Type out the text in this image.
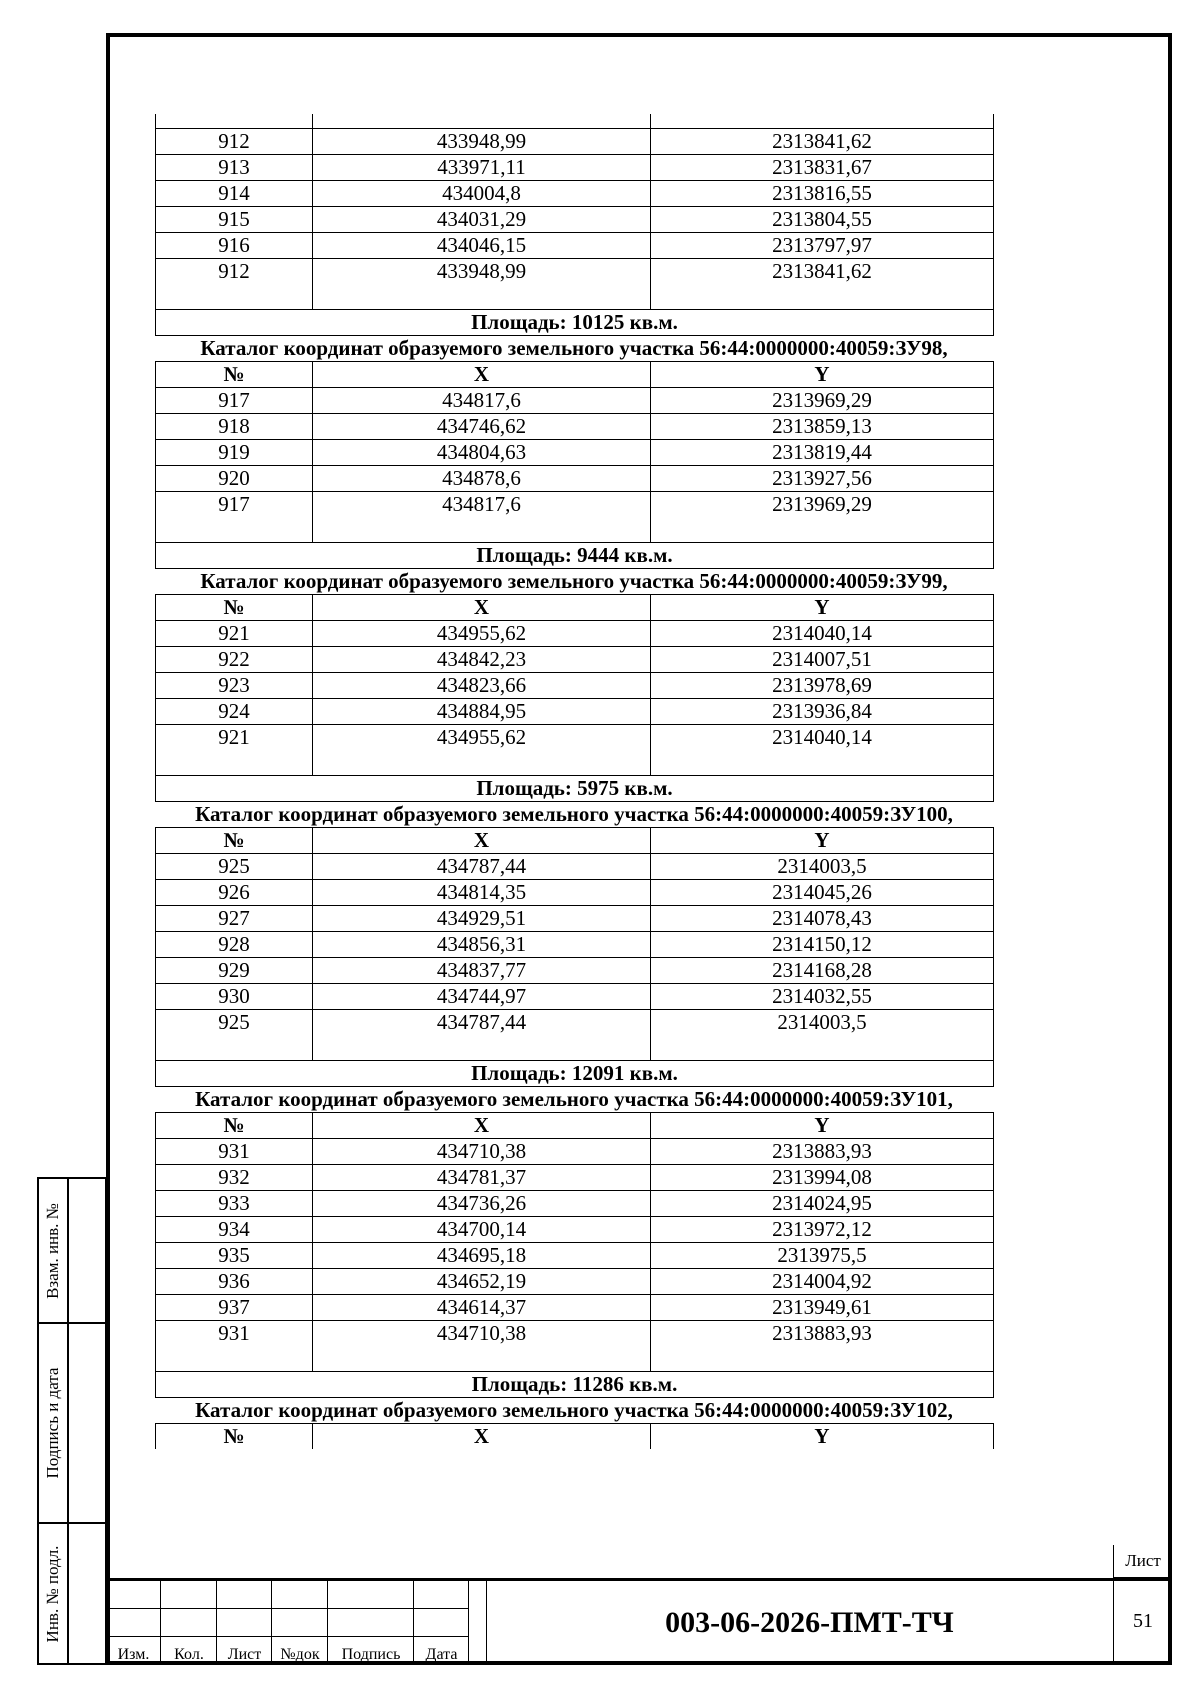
912	433948,99	2313841,62
913	433971,11	2313831,67
914	434004,8	2313816,55
915	434031,29	2313804,55
916	434046,15	2313797,97
912	433948,99	2313841,62

Площадь: 10125 кв.м.		
Каталог координат образуемого земельного участка 56:44:0000000:40059:ЗУ98,
№	X	Y
917	434817,6	2313969,29
918	434746,62	2313859,13
919	434804,63	2313819,44
920	434878,6	2313927,56
917	434817,6	2313969,29

Площадь: 9444 кв.м.		
Каталог координат образуемого земельного участка 56:44:0000000:40059:ЗУ99,
№	X	Y
921	434955,62	2314040,14
922	434842,23	2314007,51
923	434823,66	2313978,69
924	434884,95	2313936,84
921	434955,62	2314040,14

Площадь: 5975 кв.м.		
Каталог координат образуемого земельного участка 56:44:0000000:40059:ЗУ100,
№	X	Y
925	434787,44	2314003,5
926	434814,35	2314045,26
927	434929,51	2314078,43
928	434856,31	2314150,12
929	434837,77	2314168,28
930	434744,97	2314032,55
925	434787,44	2314003,5

Площадь: 12091 кв.м.		
Каталог координат образуемого земельного участка 56:44:0000000:40059:ЗУ101,
№	X	Y
931	434710,38	2313883,93
932	434781,37	2313994,08
933	434736,26	2314024,95
934	434700,14	2313972,12
935	434695,18	2313975,5
936	434652,19	2314004,92
937	434614,37	2313949,61
931	434710,38	2313883,93

Площадь: 11286 кв.м.		
Каталог координат образуемого земельного участка 56:44:0000000:40059:ЗУ102,
№	X	Y
Взам. инв. №
Подпись и дата
Инв. № подл.
Изм.	Кол.	Лист	№док	Подпись	Дата
003-06-2026-ПМТ-ТЧ
Лист
51
